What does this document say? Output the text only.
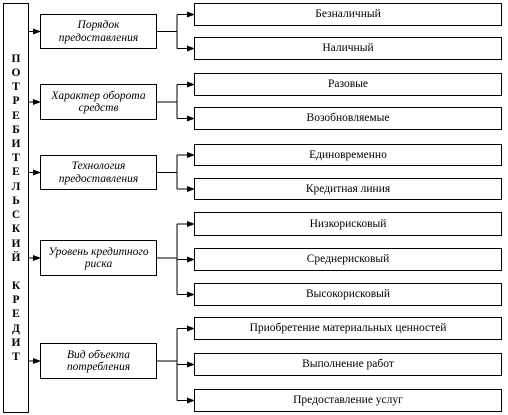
П
О
Т
Р
Е
Б
И
Т
Е
Л
Ь
С
К
И
Й
К
Р
Е
Д
И
Т
Порядок предоставления
Характер оборота средств
Технология предоставления
Уровень кредитного риска
Вид объекта потребления
Безналичный
Наличный
Разовые
Возобновляемые
Единовременно
Кредитная линия
Низкорисковый
Среднерисковый
Высокорисковый
Приобретение материальных ценностей
Выполнение работ
Предоставление услуг
